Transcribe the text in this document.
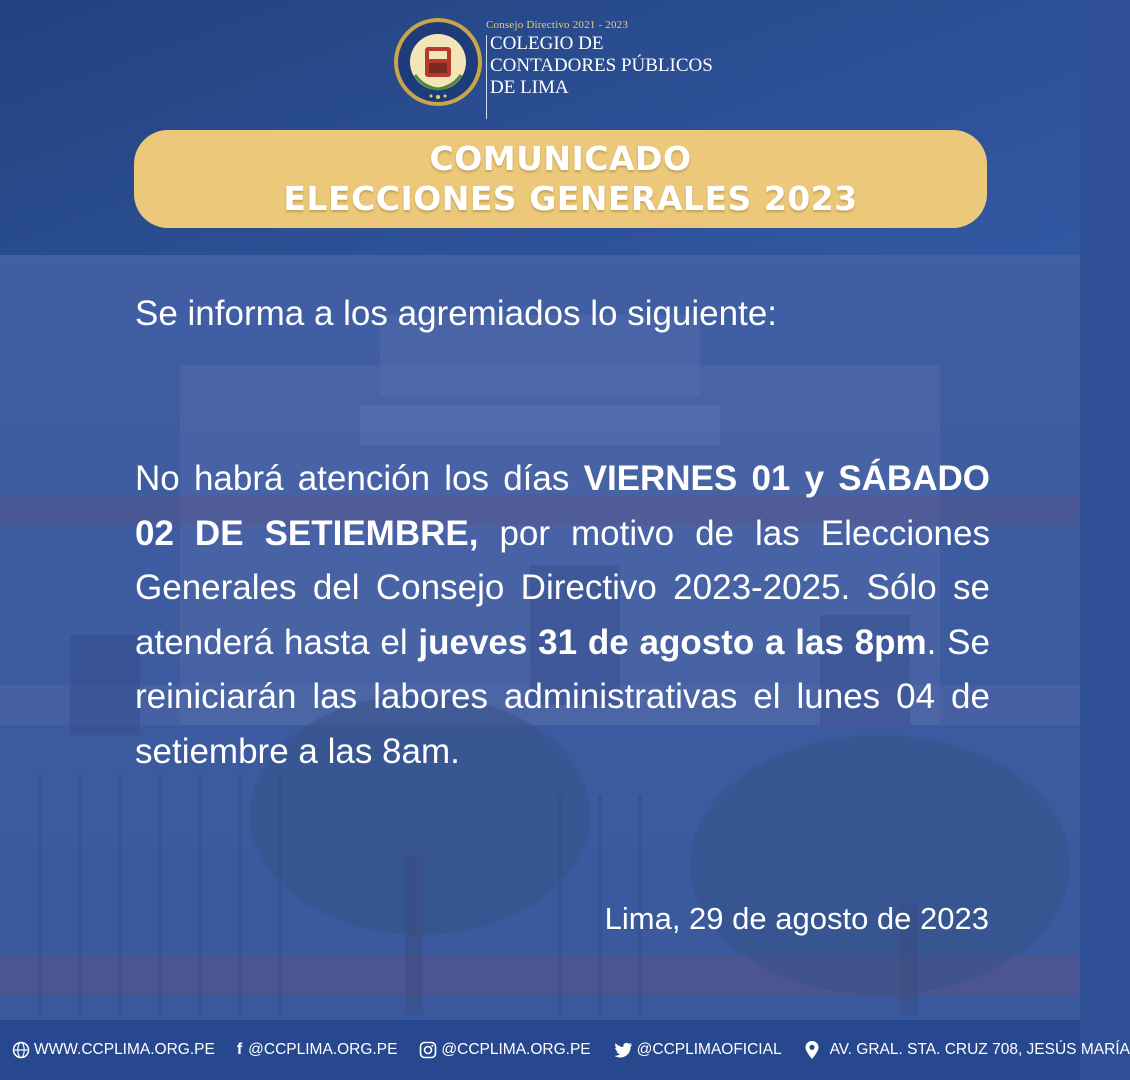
Consejo Directivo 2021 - 2023
COLEGIO DE
CONTADORES PÚBLICOS
DE LIMA
COMUNICADO
ELECCIONES GENERALES 2023
Se informa a los agremiados lo siguiente:
No habrá atención los días VIERNES 01 y SÁBADO 02 DE SETIEMBRE, por motivo de las Elecciones Generales del Consejo Directivo 2023-2025. Sólo se atenderá hasta el jueves 31 de agosto a las 8pm. Se reiniciarán las labores administrativas el lunes 04 de setiembre a las 8am.
Lima, 29 de agosto de 2023
WWW.CCPLIMA.ORG.PE f @CCPLIMA.ORG.PE	@CCPLIMA.ORG.PE	@CCPLIMAOFICIAL	AV. GRAL. STA. CRUZ 708, JESÚS MARÍA
